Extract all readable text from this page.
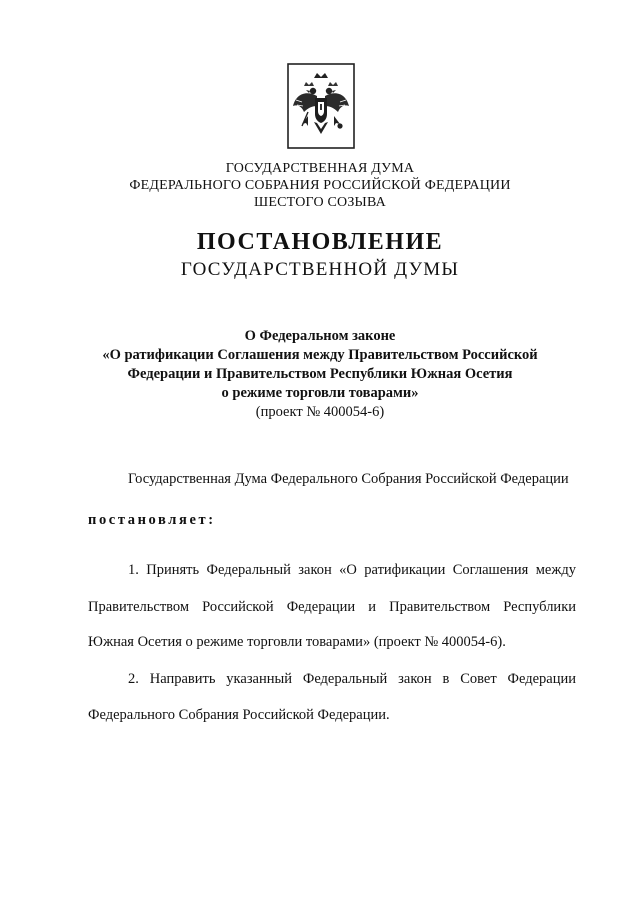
ГОСУДАРСТВЕННАЯ ДУМА
ФЕДЕРАЛЬНОГО СОБРАНИЯ РОССИЙСКОЙ ФЕДЕРАЦИИ
ШЕСТОГО СОЗЫВА
ПОСТАНОВЛЕНИЕ
ГОСУДАРСТВЕННОЙ ДУМЫ
О Федеральном законе
«О ратификации Соглашения между Правительством Российской
Федерации и Правительством Республики Южная Осетия
о режиме торговли товарами»
(проект № 400054-6)
Государственная Дума Федерального Собрания Российской Федерации
постановляет:
1. Принять Федеральный закон «О ратификации Соглашения между
Правительством Российской Федерации и Правительством Республики
Южная Осетия о режиме торговли товарами» (проект № 400054-6).
2. Направить указанный Федеральный закон в Совет Федерации
Федерального Собрания Российской Федерации.
